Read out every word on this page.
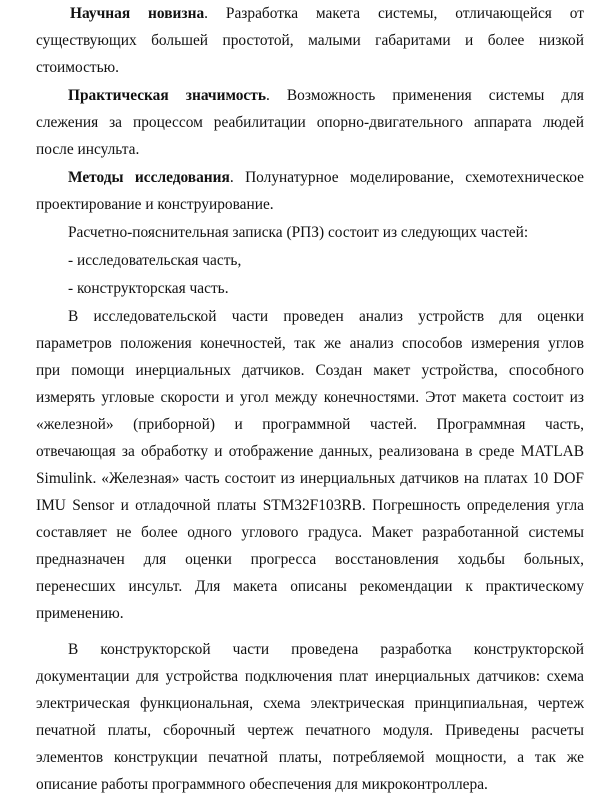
Научная новизна. Разработка макета системы, отличающейся от
существующих большей простотой, малыми габаритами и более низкой
стоимостью.
Практическая значимость. Возможность применения системы для
слежения за процессом реабилитации опорно-двигательного аппарата людей
после инсульта.
Методы исследования. Полунатурное моделирование, схемотехническое
проектирование и конструирование.
Расчетно-пояснительная записка (РПЗ) состоит из следующих частей:
- исследовательская часть,
- конструкторская часть.
В исследовательской части проведен анализ устройств для оценки
параметров положения конечностей, так же анализ способов измерения углов
при помощи инерциальных датчиков. Создан макет устройства, способного
измерять угловые скорости и угол между конечностями. Этот макета состоит из
«железной» (приборной) и программной частей. Программная часть,
отвечающая за обработку и отображение данных, реализована в среде MATLAB
Simulink. «Железная» часть состоит из инерциальных датчиков на платах 10 DOF
IMU Sensor и отладочной платы STM32F103RB. Погрешность определения угла
составляет не более одного углового градуса. Макет разработанной системы
предназначен для оценки прогресса восстановления ходьбы больных,
перенесших инсульт. Для макета описаны рекомендации к практическому
применению.
В конструкторской части проведена разработка конструкторской
документации для устройства подключения плат инерциальных датчиков: схема
электрическая функциональная, схема электрическая принципиальная, чертеж
печатной платы, сборочный чертеж печатного модуля. Приведены расчеты
элементов конструкции печатной платы, потребляемой мощности, а так же
описание работы программного обеспечения для микроконтроллера.
